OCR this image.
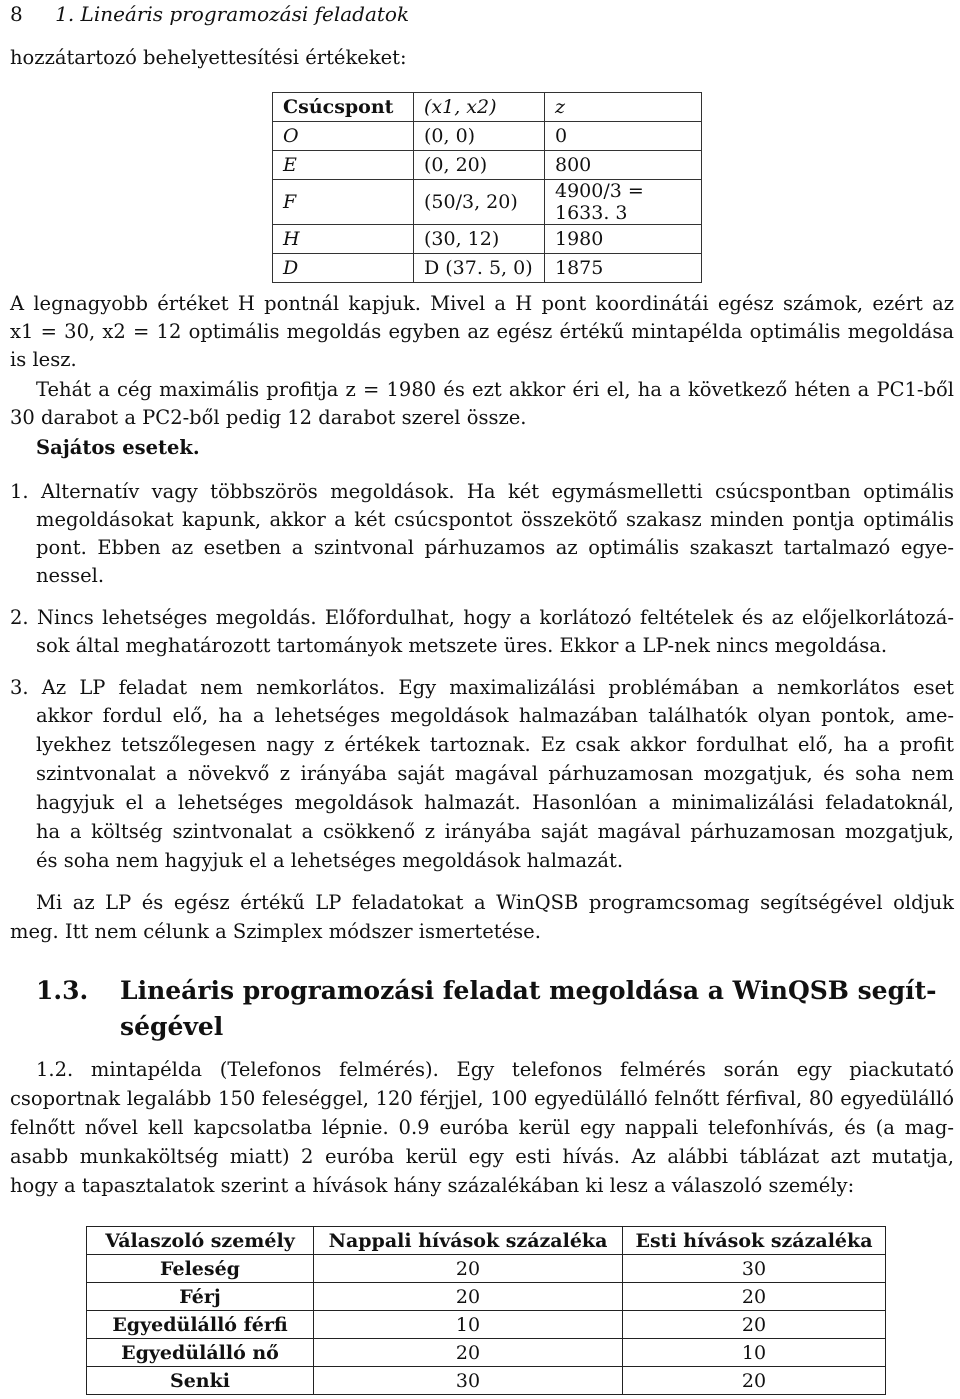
8 1. Lineáris programozási feladatok
hozzátartozó behelyettesítési értékeket:
Csúcspont	(x1, x2)	z
O	(0, 0)	0
E	(0, 20)	800
F	(50/3, 20)	4900/3 = 1633. 3
H	(30, 12)	1980
D	D (37. 5, 0)	1875
A legnagyobb értéket H pontnál kapjuk. Mivel a H pont koordinátái egész számok, ezért az
x1 = 30, x2 = 12 optimális megoldás egyben az egész értékű mintapélda optimális megoldása
is lesz.
Tehát a cég maximális profitja z = 1980 és ezt akkor éri el, ha a következő héten a PC1-ből
30 darabot a PC2-ből pedig 12 darabot szerel össze.
Sajátos esetek.
1. Alternatív vagy többszörös megoldások. Ha két egymásmelletti csúcspontban optimális
megoldásokat kapunk, akkor a két csúcspontot összekötő szakasz minden pontja optimális
pont. Ebben az esetben a szintvonal párhuzamos az optimális szakaszt tartalmazó egye-
nessel.
2. Nincs lehetséges megoldás. Előfordulhat, hogy a korlátozó feltételek és az előjelkorlátozá-
sok által meghatározott tartományok metszete üres. Ekkor a LP-nek nincs megoldása.
3. Az LP feladat nem nemkorlátos. Egy maximalizálási problémában a nemkorlátos eset
akkor fordul elő, ha a lehetséges megoldások halmazában találhatók olyan pontok, ame-
lyekhez tetszőlegesen nagy z értékek tartoznak. Ez csak akkor fordulhat elő, ha a profit
szintvonalat a növekvő z irányába saját magával párhuzamosan mozgatjuk, és soha nem
hagyjuk el a lehetséges megoldások halmazát. Hasonlóan a minimalizálási feladatoknál,
ha a költség szintvonalat a csökkenő z irányába saját magával párhuzamosan mozgatjuk,
és soha nem hagyjuk el a lehetséges megoldások halmazát.
Mi az LP és egész értékű LP feladatokat a WinQSB programcsomag segítségével oldjuk
meg. Itt nem célunk a Szimplex módszer ismertetése.
1.3. Lineáris programozási feladat megoldása a WinQSB segít-
ségével
1.2. mintapélda (Telefonos felmérés). Egy telefonos felmérés során egy piackutató
csoportnak legalább 150 feleséggel, 120 férjjel, 100 egyedülálló felnőtt férfival, 80 egyedülálló
felnőtt nővel kell kapcsolatba lépnie. 0.9 euróba kerül egy nappali telefonhívás, és (a mag-
asabb munkaköltség miatt) 2 euróba kerül egy esti hívás. Az alábbi táblázat azt mutatja,
hogy a tapasztalatok szerint a hívások hány százalékában ki lesz a válaszoló személy:
Válaszoló személy	Nappali hívások százaléka	Esti hívások százaléka
Feleség	20	30
Férj	20	20
Egyedülálló férfi	10	20
Egyedülálló nő	20	10
Senki	30	20
